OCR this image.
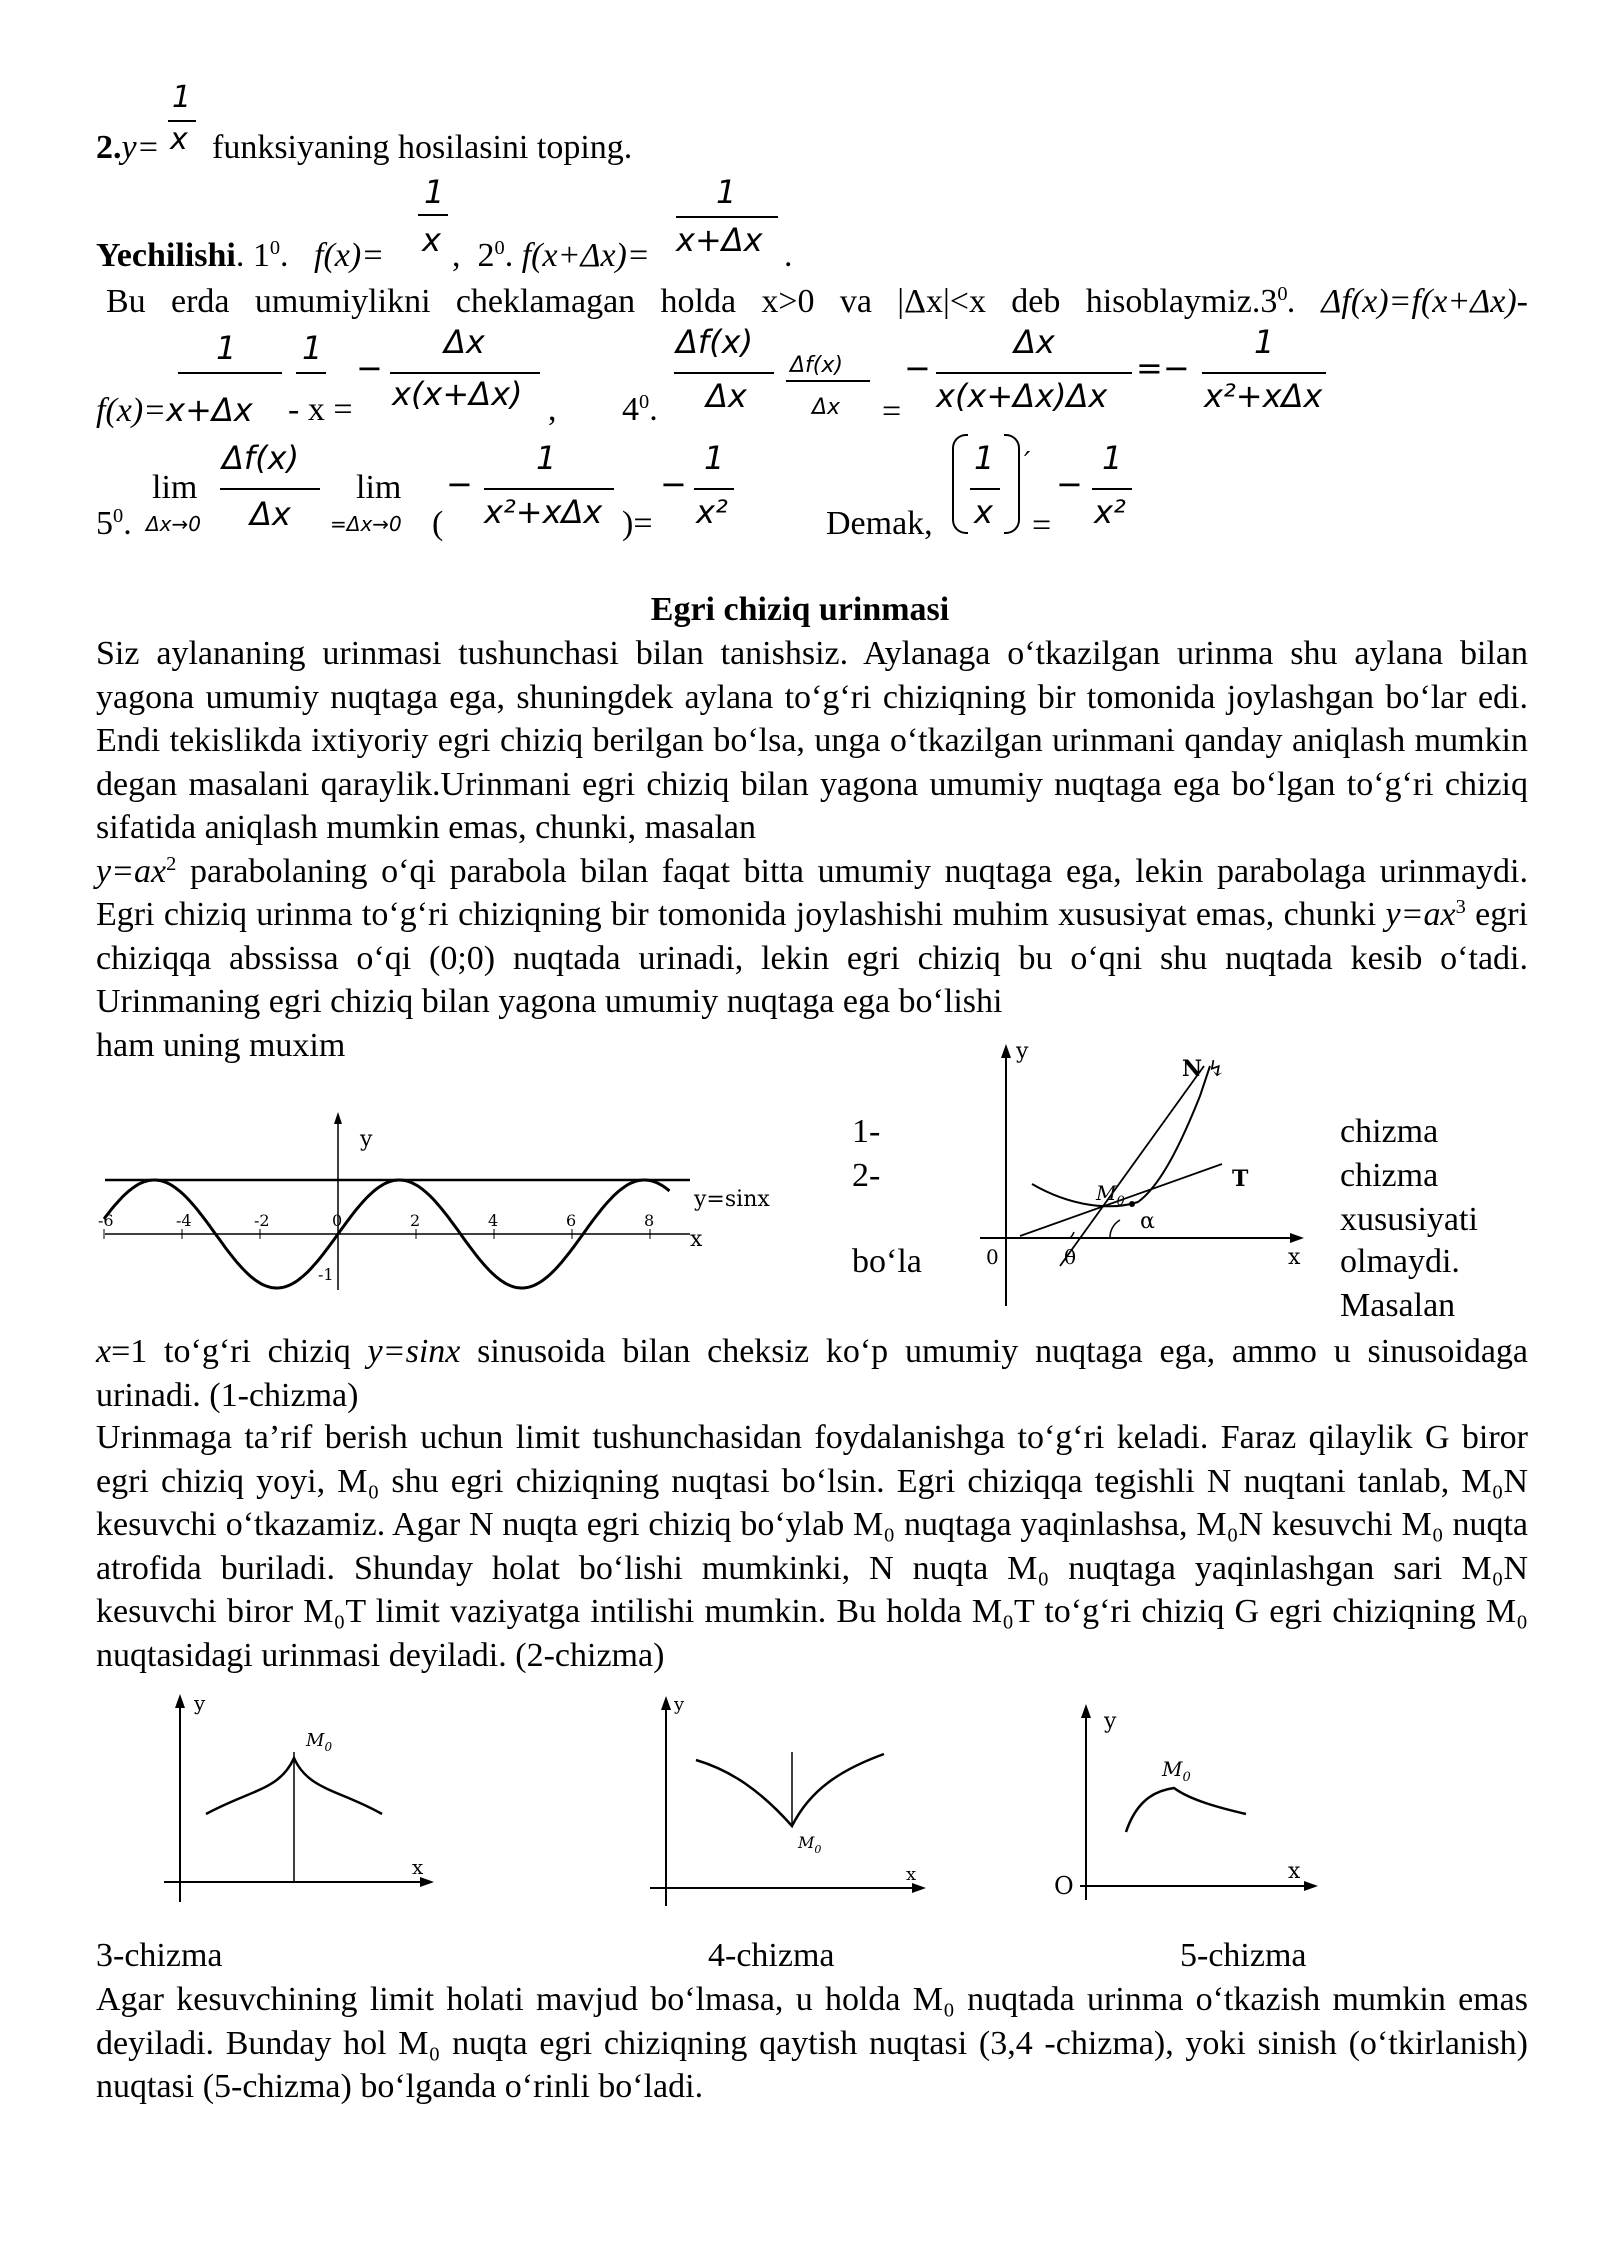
1
2.y= x funksiyaning hosilasini toping.
1
x
1
x+Δx
Yechilishi. $1^0$.   f(x)= ,  $2^0$. f(x+Δx)=	.
Bu erda umumiylikni cheklamagan holda x>0 va |Δx|<x deb $hisoblaymiz.3^0$. Δf(x)=f(x+Δx)-
1 1
−
Δx
x(x+Δx)
Δf(x)
Δx
Δf(x)
Δx
−
Δx
x(x+Δx)Δx
=−
1
x²+xΔx
f(x)=x+Δx - x =	, $4^0$.	=
lim
Δf(x)
Δx
lim −
1
x²+xΔx
−
1
x²
1
x
′
−
1
x²
$5^0$. Δx→0	=Δx→0 (	)=	Demak,	=
Egri chiziq urinmasi

Siz aylananing urinmasi tushunchasi bilan tanishsiz. Aylanaga o‘tkazilgan urinma shu aylana bilan yagona umumiy nuqtaga ega, shuningdek aylana to‘g‘ri chiziqning bir tomonida joylashgan bo‘lar edi. Endi tekislikda ixtiyoriy egri chiziq berilgan bo‘lsa, unga o‘tkazilgan urinmani qanday aniqlash mumkin degan masalani qaraylik.Urinmani egri chiziq bilan yagona umumiy nuqtaga ega bo‘lgan to‘g‘ri chiziq sifatida aniqlash mumkin emas, chunki, masalan

$y=ax^2$ parabolaning o‘qi parabola bilan faqat bitta umumiy nuqtaga ega, lekin parabolaga urinmaydi. Egri chiziq urinma to‘g‘ri chiziqning bir tomonida joylashishi muhim xususiyat emas, chunki $y=ax^3$ egri chiziqqa abssissa o‘qi (0;0) nuqtada urinadi, lekin egri chiziq bu o‘qni shu nuqtada kesib o‘tadi. Urinmaning egri chiziq bilan yagona umumiy nuqtaga ega bo‘lishi

ham uning muxim
1-
2-
bo‘la
chizma
chizma
xususiyati
olmaydi.
Masalan
x
y
y=sinx
-6	-4	-2	0	2	4	6	8
-1
y
x
0
N ↯
T
$M_0$
α
θ

x=1 to‘g‘ri chiziq y=sinx sinusoida bilan cheksiz ko‘p umumiy nuqtaga ega, ammo u sinusoidaga urinadi. (1-chizma)

Urinmaga ta’rif berish uchun limit tushunchasidan foydalanishga to‘g‘ri keladi. Faraz qilaylik G biror egri chiziq yoyi, M₀ shu egri chiziqning nuqtasi bo‘lsin. Egri chiziqqa tegishli N nuqtani tanlab, M₀N kesuvchi o‘tkazamiz. Agar N nuqta egri chiziq bo‘ylab M₀ nuqtaga yaqinlashsa, M₀N kesuvchi M₀ nuqta atrofida buriladi. Shunday holat bo‘lishi mumkinki, N nuqta M₀ nuqtaga yaqinlashgan sari M₀N kesuvchi biror M₀T limit vaziyatga intilishi mumkin. Bu holda M₀T to‘g‘ri chiziq G egri chiziqning M₀ nuqtasidagi urinmasi deyiladi. (2-chizma)

y
x
$M_0$
y
x
$M_0$
y
x
O
$M_0$
3-chizma	4-chizma	5-chizma

Agar kesuvchining limit holati mavjud bo‘lmasa, u holda M₀ nuqtada urinma o‘tkazish mumkin emas deyiladi. Bunday hol M₀ nuqta egri chiziqning qaytish nuqtasi (3,4 -chizma), yoki sinish (o‘tkirlanish) nuqtasi (5-chizma) bo‘lganda o‘rinli bo‘ladi.
